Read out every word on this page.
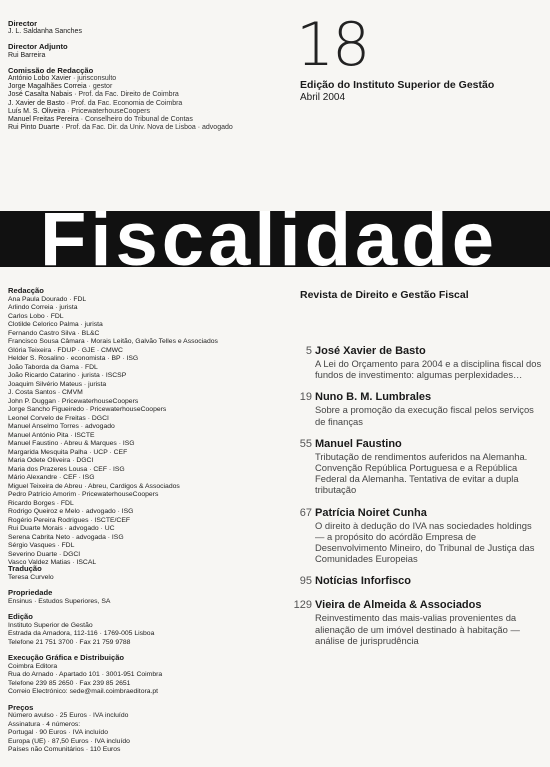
Director
J. L. Saldanha Sanches
Director Adjunto
Rui Barreira
Comissão de Redacção
António Lobo Xavier · jurisconsulto
Jorge Magalhães Correia · gestor
José Casalta Nabais · Prof. da Fac. Direito de Coimbra
J. Xavier de Basto · Prof. da Fac. Economia de Coimbra
Luís M. S. Oliveira · PricewaterhouseCoopers
Manuel Freitas Pereira · Conselheiro do Tribunal de Contas
Rui Pinto Duarte · Prof. da Fac. Dir. da Univ. Nova de Lisboa · advogado
18
Edição do Instituto Superior de Gestão
Abril 2004
Fiscalidade
Revista de Direito e Gestão Fiscal
Redacção
Ana Paula Dourado · FDL
Arlindo Correia · jurista
Carlos Lobo · FDL
Clotilde Celorico Palma · jurista
Fernando Castro Silva · BL&C
Francisco Sousa Câmara · Morais Leitão, Galvão Telles e Associados
Glória Teixeira · FDUP · GJE · CMWC
Helder S. Rosalino · economista · BP · ISG
João Taborda da Gama · FDL
João Ricardo Catarino · jurista · ISCSP
Joaquim Silvério Mateus · jurista
J. Costa Santos · CMVM
John P. Duggan · PricewaterhouseCoopers
Jorge Sancho Figueiredo · PricewaterhouseCoopers
Leonel Corvelo de Freitas · DGCI
Manuel Anselmo Torres · advogado
Manuel António Pita · ISCTE
Manuel Faustino · Abreu & Marques · ISG
Margarida Mesquita Palha · UCP · CEF
Maria Odete Oliveira · DGCI
Maria dos Prazeres Lousa · CEF · ISG
Mário Alexandre · CEF · ISG
Miguel Teixeira de Abreu · Abreu, Cardigos & Associados
Pedro Patrício Amorim · PricewaterhouseCoopers
Ricardo Borges · FDL
Rodrigo Queiroz e Melo · advogado · ISG
Rogério Pereira Rodrigues · ISCTE/CEF
Rui Duarte Morais · advogado · UC
Serena Cabrita Neto · advogada · ISG
Sérgio Vasques · FDL
Severino Duarte · DGCI
Vasco Valdez Matias · ISCAL
Tradução
Teresa Curvelo
Propriedade
Ensinus · Estudos Superiores, SA
Edição
Instituto Superior de Gestão
Estrada da Amadora, 112-116 · 1769-005 Lisboa
Telefone 21 751 3700 · Fax 21 759 9788
Execução Gráfica e Distribuição
Coimbra Editora
Rua do Arnado · Apartado 101 · 3001-951 Coimbra
Telefone 239 85 2650 · Fax 239 85 2651
Correio Electrónico: sede@mail.coimbraeditora.pt
Preços
Número avulso · 25 Euros · IVA incluído
Assinatura · 4 números:
Portugal · 90 Euros · IVA incluído
Europa (UE) · 87,50 Euros · IVA incluído
Países não Comunitários · 110 Euros
5 José Xavier de Basto
A Lei do Orçamento para 2004 e a disciplina fiscal dos fundos de investimento: algumas perplexidades…
19 Nuno B. M. Lumbrales
Sobre a promoção da execução fiscal pelos serviços de finanças
55 Manuel Faustino
Tributação de rendimentos auferidos na Alemanha. Convenção República Portuguesa e a República Federal da Alemanha. Tentativa de evitar a dupla tributação
67 Patrícia Noiret Cunha
O direito à dedução do IVA nas sociedades holdings — a propósito do acórdão Empresa de Desenvolvimento Mineiro, do Tribunal de Justiça das Comunidades Europeias
95 Notícias Inforfisco
129 Vieira de Almeida & Associados
Reinvestimento das mais-valias provenientes da alienação de um imóvel destinado à habitação — análise de jurisprudência
